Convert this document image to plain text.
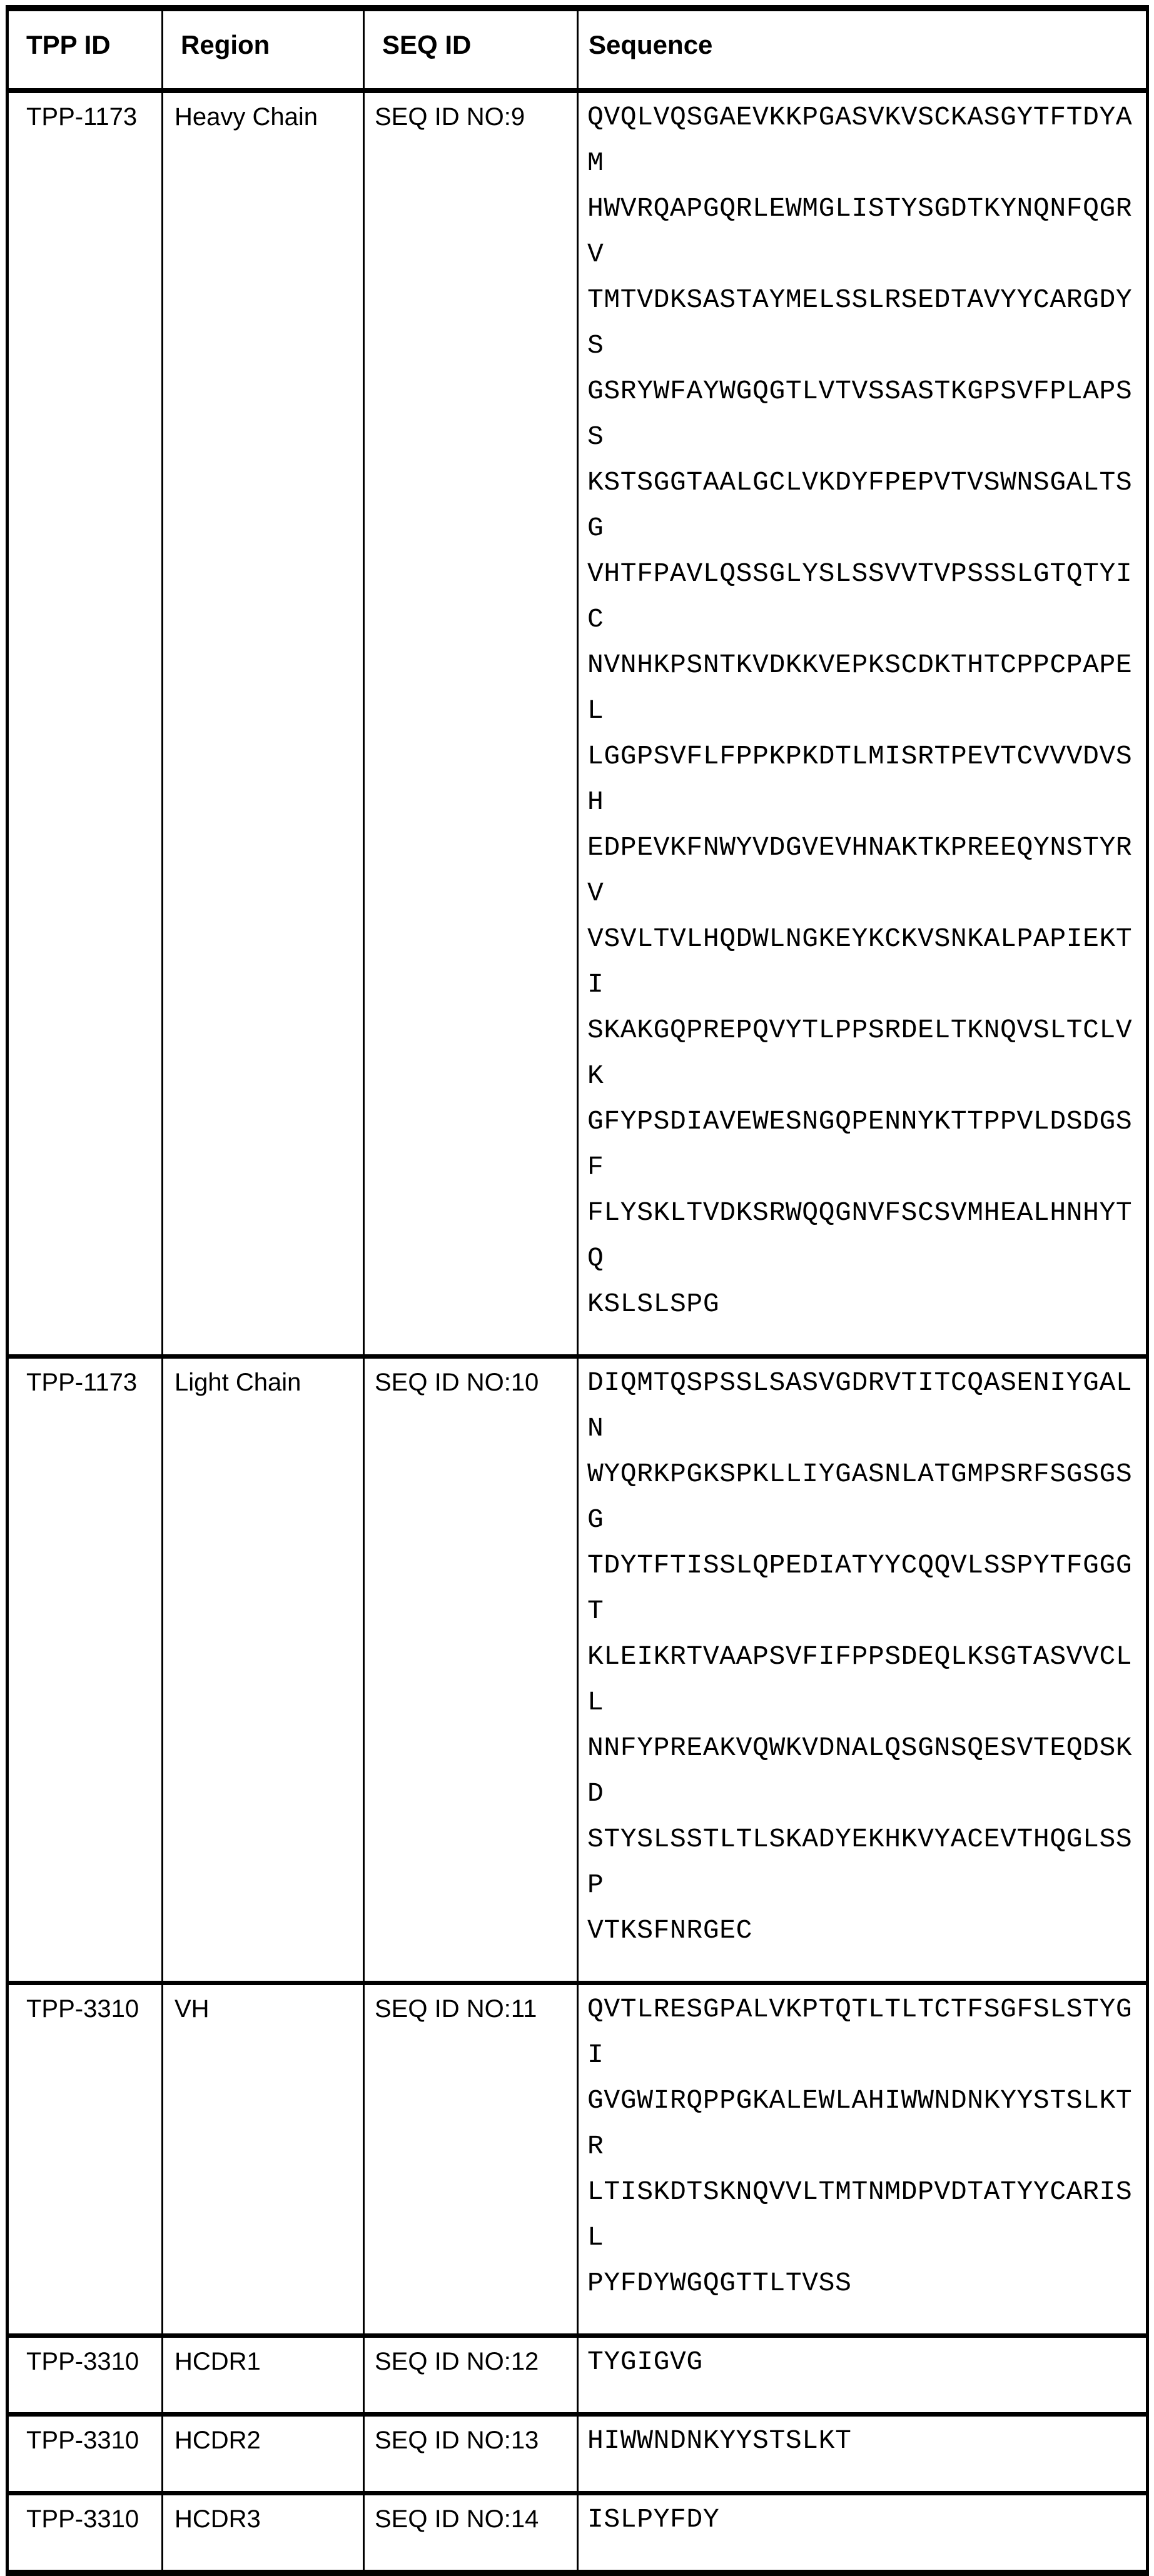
TPP ID	Region	SEQ ID	Sequence
TPP-1173	Heavy Chain	SEQ ID NO:9	QVQLVQSGAEVKKPGASVKVSCKASGYTFTDYAM
HWVRQAPGQRLEWMGLISTYSGDTKYNQNFQGRV
TMTVDKSASTAYMELSSLRSEDTAVYYCARGDYS
GSRYWFAYWGQGTLVTVSSASTKGPSVFPLAPSS
KSTSGGTAALGCLVKDYFPEPVTVSWNSGALTSG
VHTFPAVLQSSGLYSLSSVVTVPSSSLGTQTYIC
NVNHKPSNTKVDKKVEPKSCDKTHTCPPCPAPEL
LGGPSVFLFPPKPKDTLMISRTPEVTCVVVDVSH
EDPEVKFNWYVDGVEVHNAKTKPREEQYNSTYRV
VSVLTVLHQDWLNGKEYKCKVSNKALPAPIEKTI
SKAKGQPREPQVYTLPPSRDELTKNQVSLTCLVK
GFYPSDIAVEWESNGQPENNYKTTPPVLDSDGSF
FLYSKLTVDKSRWQQGNVFSCSVMHEALHNHYTQ
KSLSLSPG
TPP-1173	Light Chain	SEQ ID NO:10	DIQMTQSPSSLSASVGDRVTITCQASENIYGALN
WYQRKPGKSPKLLIYGASNLATGMPSRFSGSGSG
TDYTFTISSLQPEDIATYYCQQVLSSPYTFGGGT
KLEIKRTVAAPSVFIFPPSDEQLKSGTASVVCLL
NNFYPREAKVQWKVDNALQSGNSQESVTEQDSKD
STYSLSSTLTLSKADYEKHKVYACEVTHQGLSSP
VTKSFNRGEC
TPP-3310	VH	SEQ ID NO:11	QVTLRESGPALVKPTQTLTLTCTFSGFSLSTYGI
GVGWIRQPPGKALEWLAHIWWNDNKYYSTSLKTR
LTISKDTSKNQVVLTMTNMDPVDTATYYCARISL
PYFDYWGQGTTLTVSS
TPP-3310	HCDR1	SEQ ID NO:12	TYGIGVG
TPP-3310	HCDR2	SEQ ID NO:13	HIWWNDNKYYSTSLKT
TPP-3310	HCDR3	SEQ ID NO:14	ISLPYFDY
